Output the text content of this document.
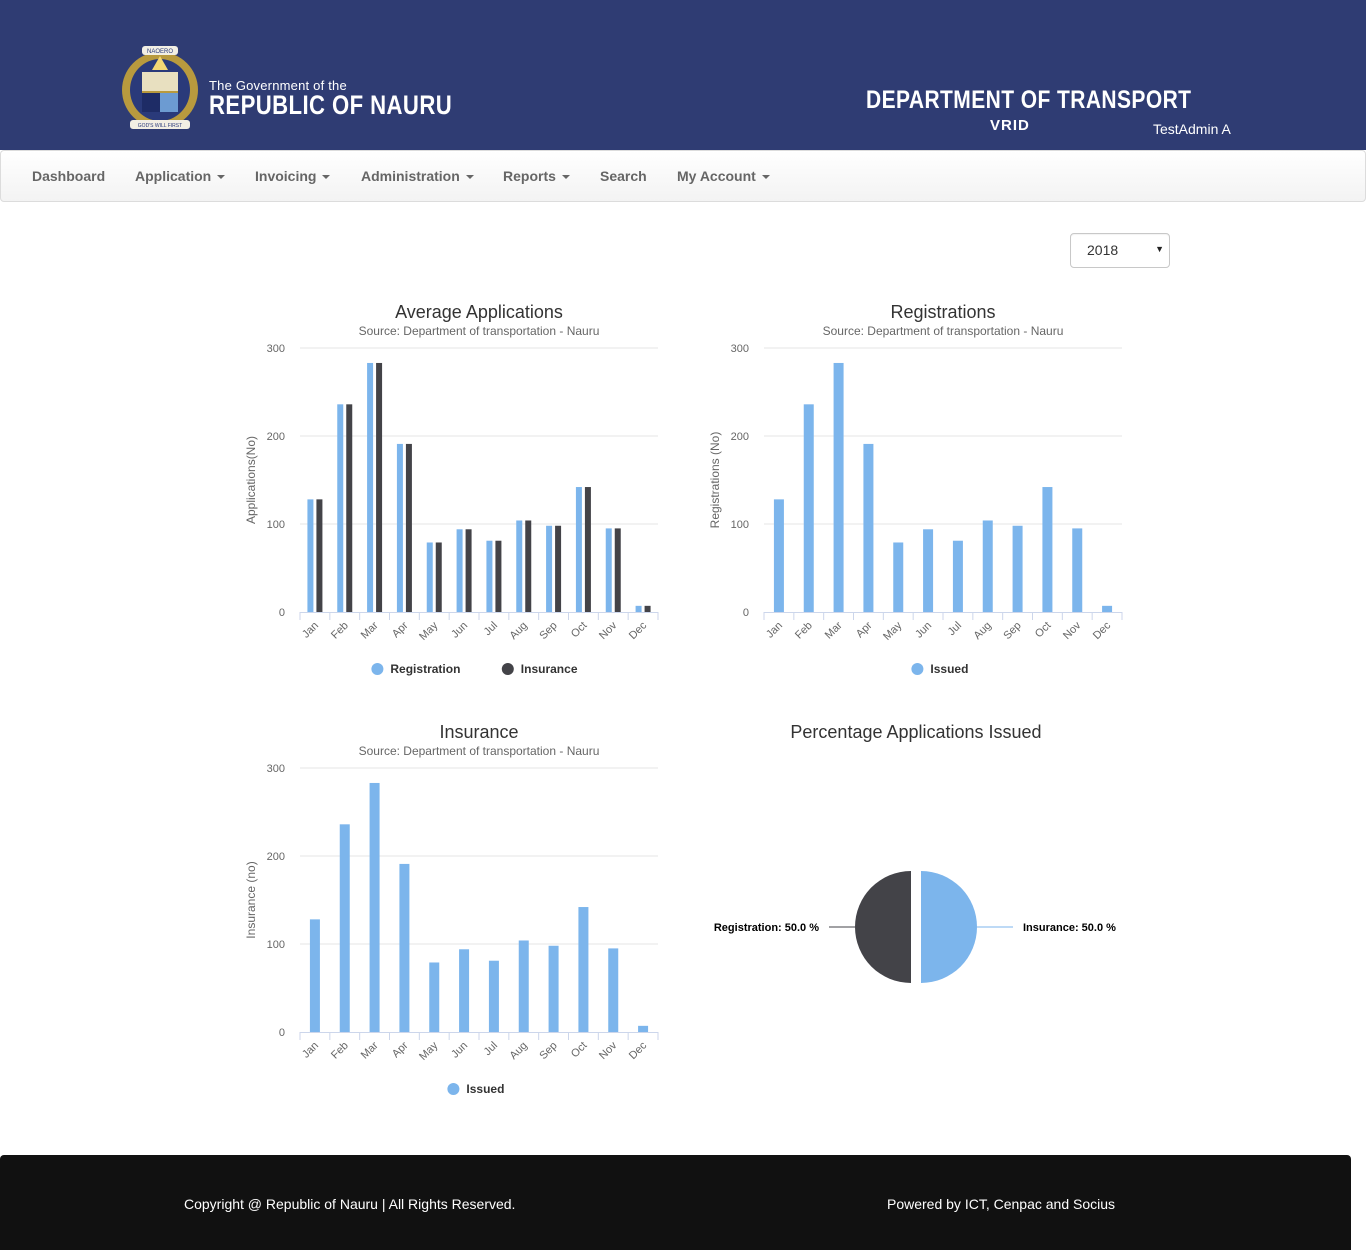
NAOERO
GOD'S WILL FIRST
The Government of the
REPUBLIC OF NAURU	DEPARTMENT OF TRANSPORT
VRID	TestAdmin A
Dashboard Application	Invoicing	Administration	Reports	Search My Account
2018	▼
Average Applications
Source: Department of transportation - Nauru
0
100
200
300
Applications(No)
Jan Feb Mar Apr May Jun Jul Aug Sep Oct Nov Dec
Registration	Insurance
Registrations
Source: Department of transportation - Nauru
0
100
200
300
Registrations (No)
Jan Feb Mar Apr May Jun Jul Aug Sep Oct Nov Dec
Issued
Insurance
Source: Department of transportation - Nauru
0
100
200
300
Insurance (no)
Jan Feb Mar Apr May Jun Jul Aug Sep Oct Nov Dec
Issued
Percentage Applications Issued
Insurance: 50.0 %
Registration: 50.0 %
Copyright @ Republic of Nauru | All Rights Reserved.	Powered by ICT, Cenpac and Socius
